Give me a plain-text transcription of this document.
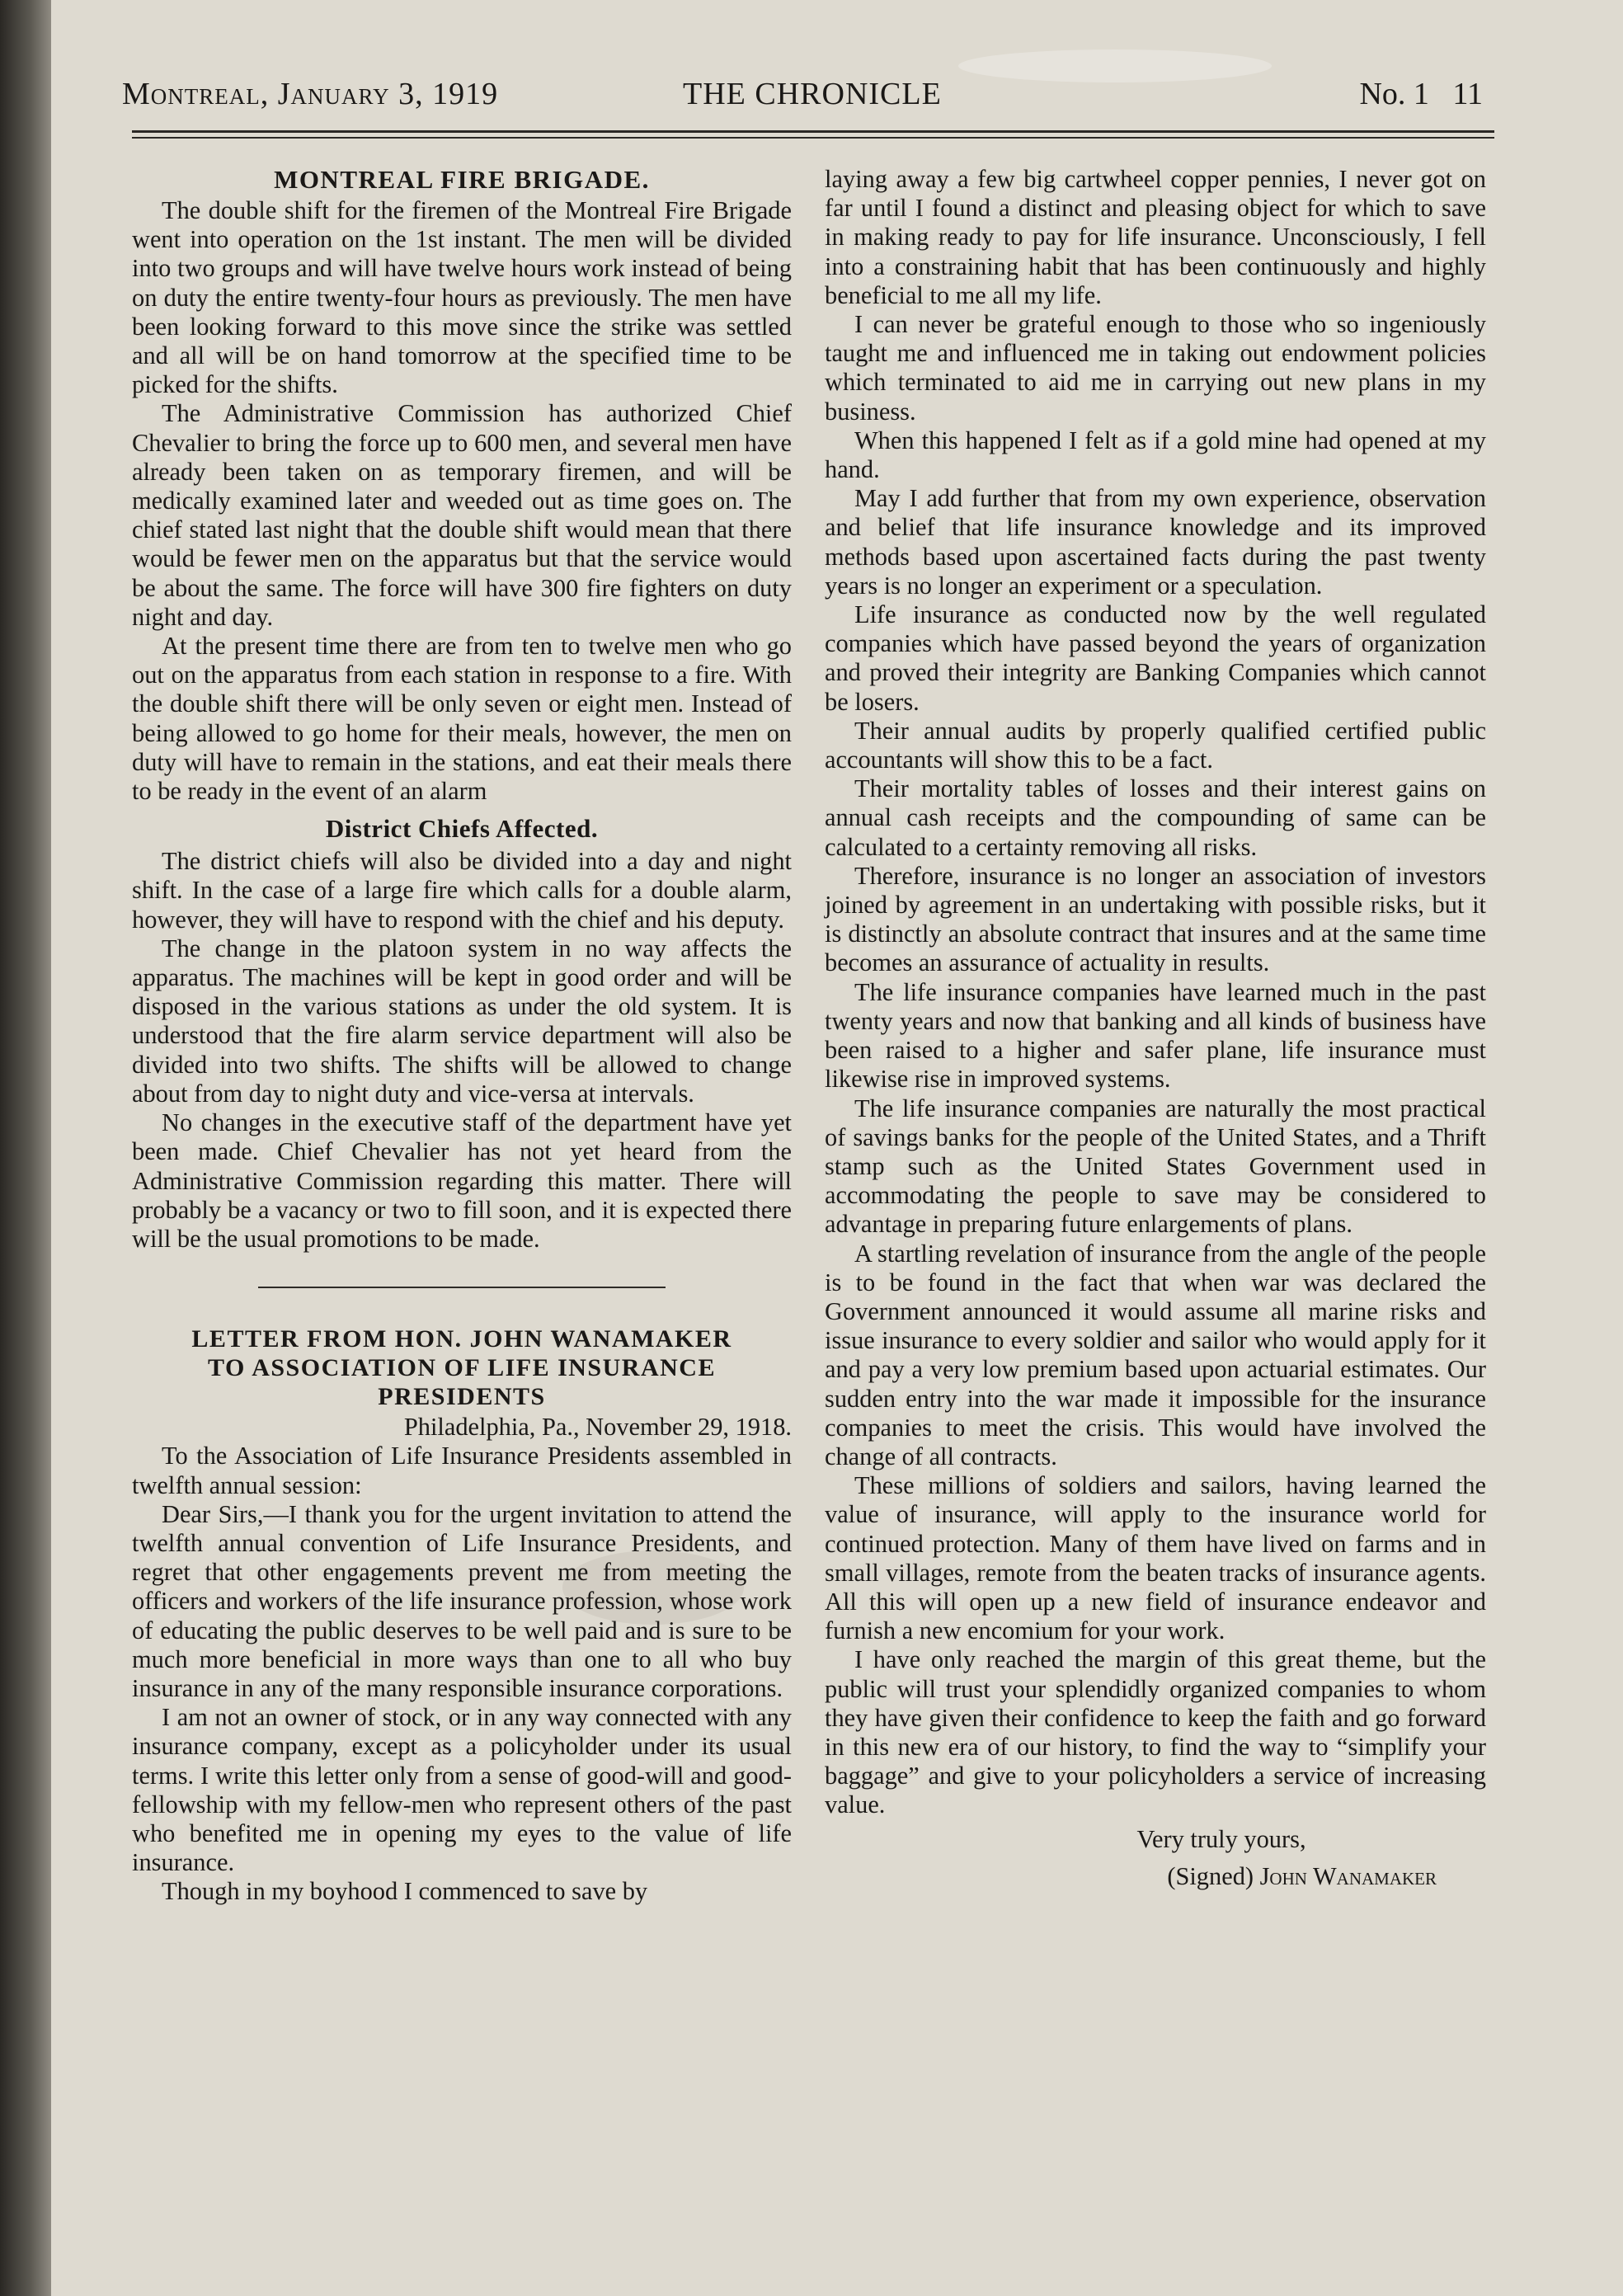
Montreal, January 3, 1919	THE CHRONICLE	No. 1   11
MONTREAL FIRE BRIGADE.

The double shift for the firemen of the Montreal Fire Brigade went into operation on the 1st instant. The men will be divided into two groups and will have twelve hours work instead of being on duty the entire twenty-four hours as previously. The men have been looking forward to this move since the strike was settled and all will be on hand tomorrow at the specified time to be picked for the shifts.

The Administrative Commission has authorized Chief Chevalier to bring the force up to 600 men, and several men have already been taken on as temporary firemen, and will be medically examined later and weeded out as time goes on. The chief stated last night that the double shift would mean that there would be fewer men on the apparatus but that the service would be about the same. The force will have 300 fire fighters on duty night and day.

At the present time there are from ten to twelve men who go out on the apparatus from each station in response to a fire. With the double shift there will be only seven or eight men. Instead of being allowed to go home for their meals, however, the men on duty will have to remain in the stations, and eat their meals there to be ready in the event of an alarm

District Chiefs Affected.

The district chiefs will also be divided into a day and night shift. In the case of a large fire which calls for a double alarm, however, they will have to respond with the chief and his deputy.

The change in the platoon system in no way affects the apparatus. The machines will be kept in good order and will be disposed in the various stations as under the old system. It is understood that the fire alarm service department will also be divided into two shifts. The shifts will be allowed to change about from day to night duty and vice-versa at intervals.

No changes in the executive staff of the department have yet been made. Chief Chevalier has not yet heard from the Administrative Commission regarding this matter. There will probably be a vacancy or two to fill soon, and it is expected there will be the usual promotions to be made.

LETTER FROM HON. JOHN WANAMAKER
TO ASSOCIATION OF LIFE INSURANCE
PRESIDENTS

Philadelphia, Pa., November 29, 1918.

To the Association of Life Insurance Presidents assembled in twelfth annual session:

Dear Sirs,—I thank you for the urgent invitation to attend the twelfth annual convention of Life Insurance Presidents, and regret that other engagements prevent me from meeting the officers and workers of the life insurance profession, whose work of educating the public deserves to be well paid and is sure to be much more beneficial in more ways than one to all who buy insurance in any of the many responsible insurance corporations.

I am not an owner of stock, or in any way connected with any insurance company, except as a policyholder under its usual terms. I write this letter only from a sense of good-will and good-fellowship with my fellow-men who represent others of the past who benefited me in opening my eyes to the value of life insurance.

Though in my boyhood I commenced to save by

laying away a few big cartwheel copper pennies, I never got on far until I found a distinct and pleasing object for which to save in making ready to pay for life insurance. Unconsciously, I fell into a constraining habit that has been continuously and highly beneficial to me all my life.

I can never be grateful enough to those who so ingeniously taught me and influenced me in taking out endowment policies which terminated to aid me in carrying out new plans in my business.

When this happened I felt as if a gold mine had opened at my hand.

May I add further that from my own experience, observation and belief that life insurance knowledge and its improved methods based upon ascertained facts during the past twenty years is no longer an experiment or a speculation.

Life insurance as conducted now by the well regulated companies which have passed beyond the years of organization and proved their integrity are Banking Companies which cannot be losers.

Their annual audits by properly qualified certified public accountants will show this to be a fact.

Their mortality tables of losses and their interest gains on annual cash receipts and the compounding of same can be calculated to a certainty removing all risks.

Therefore, insurance is no longer an association of investors joined by agreement in an undertaking with possible risks, but it is distinctly an absolute contract that insures and at the same time becomes an assurance of actuality in results.

The life insurance companies have learned much in the past twenty years and now that banking and all kinds of business have been raised to a higher and safer plane, life insurance must likewise rise in improved systems.

The life insurance companies are naturally the most practical of savings banks for the people of the United States, and a Thrift stamp such as the United States Government used in accommodating the people to save may be considered to advantage in preparing future enlargements of plans.

A startling revelation of insurance from the angle of the people is to be found in the fact that when war was declared the Government announced it would assume all marine risks and issue insurance to every soldier and sailor who would apply for it and pay a very low premium based upon actuarial estimates. Our sudden entry into the war made it impossible for the insurance companies to meet the crisis. This would have involved the change of all contracts.

These millions of soldiers and sailors, having learned the value of insurance, will apply to the insurance world for continued protection. Many of them have lived on farms and in small villages, remote from the beaten tracks of insurance agents. All this will open up a new field of insurance endeavor and furnish a new encomium for your work.

I have only reached the margin of this great theme, but the public will trust your splendidly organized companies to whom they have given their confidence to keep the faith and go forward in this new era of our history, to find the way to “simplify your baggage” and give to your policyholders a service of increasing value.

Very truly yours,

(Signed) John Wanamaker
